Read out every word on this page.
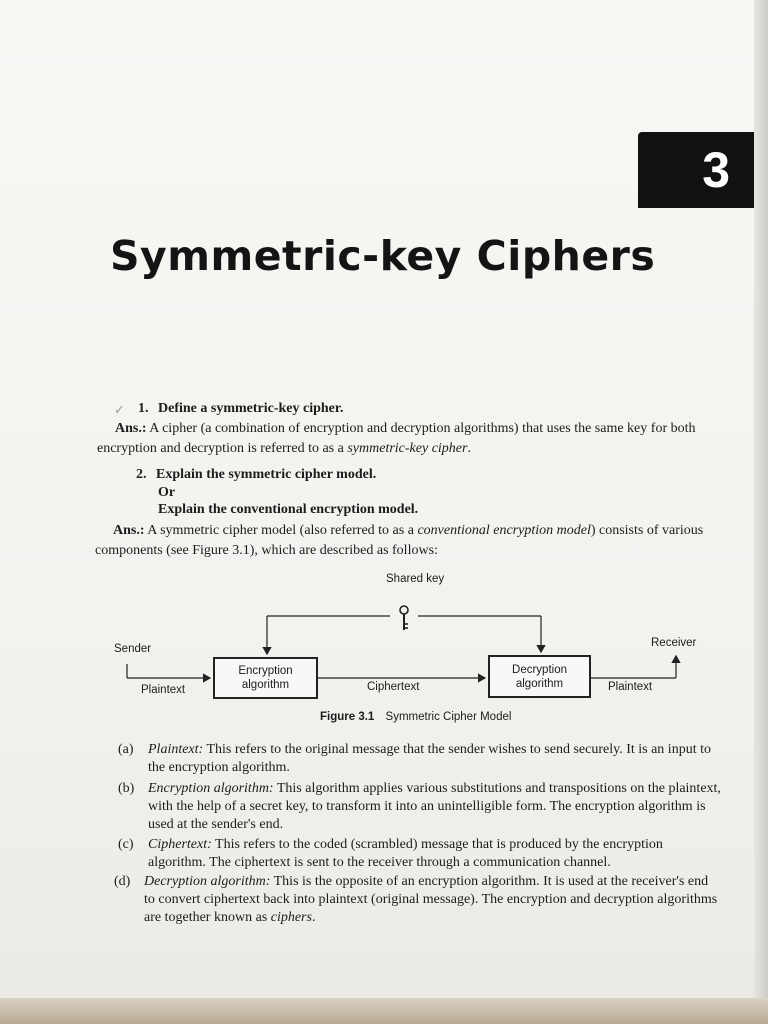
3
Symmetric-key Ciphers
✓ 1. Define a symmetric-key cipher.
Ans.: A cipher (a combination of encryption and decryption algorithms) that uses the same key for both encryption and decryption is referred to as a symmetric-key cipher.
2. Explain the symmetric cipher model.
Or
Explain the conventional encryption model.
Ans.: A symmetric cipher model (also referred to as a conventional encryption model) consists of various components (see Figure 3.1), which are described as follows:
Shared key
Sender	Receiver
Plaintext
Encryption algorithm	Ciphertext
Decryption algorithm	Plaintext
Figure 3.1 Symmetric Cipher Model
(a) Plaintext: This refers to the original message that the sender wishes to send securely. It is an input to the encryption algorithm.
(b) Encryption algorithm: This algorithm applies various substitutions and transpositions on the plaintext, with the help of a secret key, to transform it into an unintelligible form. The encryption algorithm is used at the sender's end.
(c) Ciphertext: This refers to the coded (scrambled) message that is produced by the encryption algorithm. The ciphertext is sent to the receiver through a communication channel.
(d) Decryption algorithm: This is the opposite of an encryption algorithm. It is used at the receiver's end to convert ciphertext back into plaintext (original message). The encryption and decryption algorithms are together known as ciphers.
